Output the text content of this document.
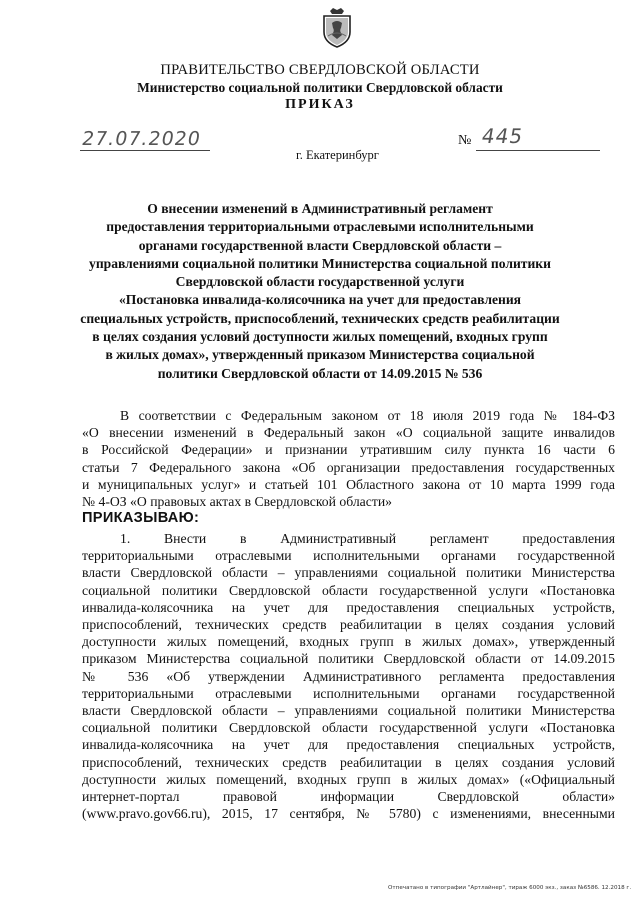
ПРАВИТЕЛЬСТВО СВЕРДЛОВСКОЙ ОБЛАСТИ
Министерство социальной политики Свердловской области
ПРИКАЗ
27.07.2020	№ 445
г. Екатеринбург
О внесении изменений в Административный регламент
предоставления территориальными отраслевыми исполнительными
органами государственной власти Свердловской области –
управлениями социальной политики Министерства социальной политики
Свердловской области государственной услуги
«Постановка инвалида-колясочника на учет для предоставления
специальных устройств, приспособлений, технических средств реабилитации
в целях создания условий доступности жилых помещений, входных групп
в жилых домах», утвержденный приказом Министерства социальной
политики Свердловской области от 14.09.2015 № 536
В соответствии с Федеральным законом от 18 июля 2019 года № 184-ФЗ
«О внесении изменений в Федеральный закон «О социальной защите инвалидов
в Российской Федерации» и признании утратившим силу пункта 16 части 6
статьи 7 Федерального закона «Об организации предоставления государственных
и муниципальных услуг» и статьей 101 Областного закона от 10 марта 1999 года
№ 4-ОЗ «О правовых актах в Свердловской области»
ПРИКАЗЫВАЮ:
1. Внести в Административный регламент предоставления
территориальными отраслевыми исполнительными органами государственной
власти Свердловской области – управлениями социальной политики Министерства
социальной политики Свердловской области государственной услуги «Постановка
инвалида-колясочника на учет для предоставления специальных устройств,
приспособлений, технических средств реабилитации в целях создания условий
доступности жилых помещений, входных групп в жилых домах», утвержденный
приказом Министерства социальной политики Свердловской области от 14.09.2015
№ 536 «Об утверждении Административного регламента предоставления
территориальными отраслевыми исполнительными органами государственной
власти Свердловской области – управлениями социальной политики Министерства
социальной политики Свердловской области государственной услуги «Постановка
инвалида-колясочника на учет для предоставления специальных устройств,
приспособлений, технических средств реабилитации в целях создания условий
доступности жилых помещений, входных групп в жилых домах» («Официальный
интернет-портал правовой информации Свердловской области»
(www.pravo.gov66.ru), 2015, 17 сентября, № 5780) с изменениями, внесенными
Отпечатано в типографии "Артлайнер", тираж 6000 экз., заказ №6586. 12.2018 г.
